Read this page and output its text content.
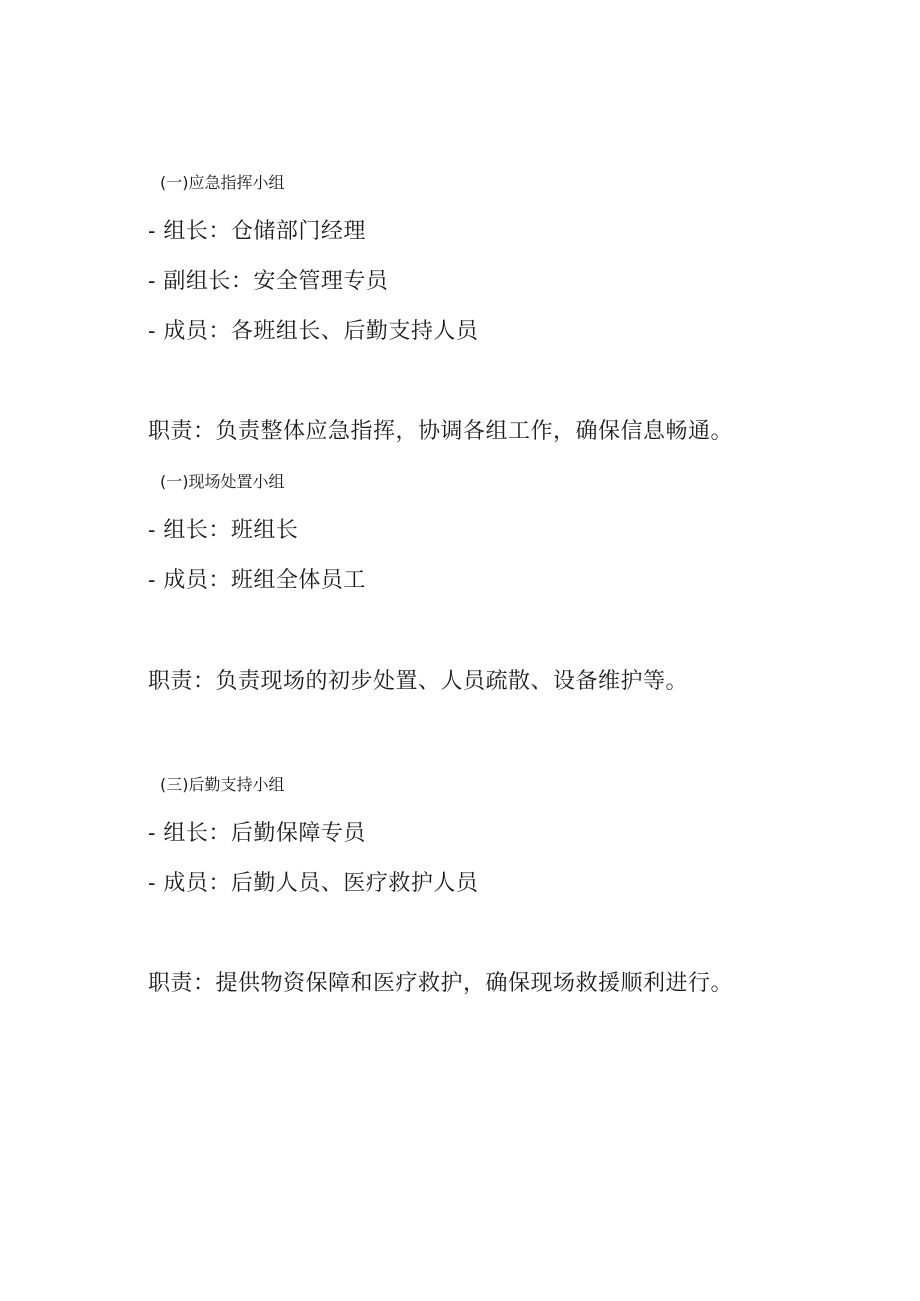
(一)应急指挥小组
- 组长：仓储部门经理
- 副组长：安全管理专员
- 成员：各班组长、后勤支持人员
职责：负责整体应急指挥，协调各组工作，确保信息畅通。
(一)现场处置小组
- 组长：班组长
- 成员：班组全体员工
职责：负责现场的初步处置、人员疏散、设备维护等。
(三)后勤支持小组
- 组长：后勤保障专员
- 成员：后勤人员、医疗救护人员
职责：提供物资保障和医疗救护，确保现场救援顺利进行。
